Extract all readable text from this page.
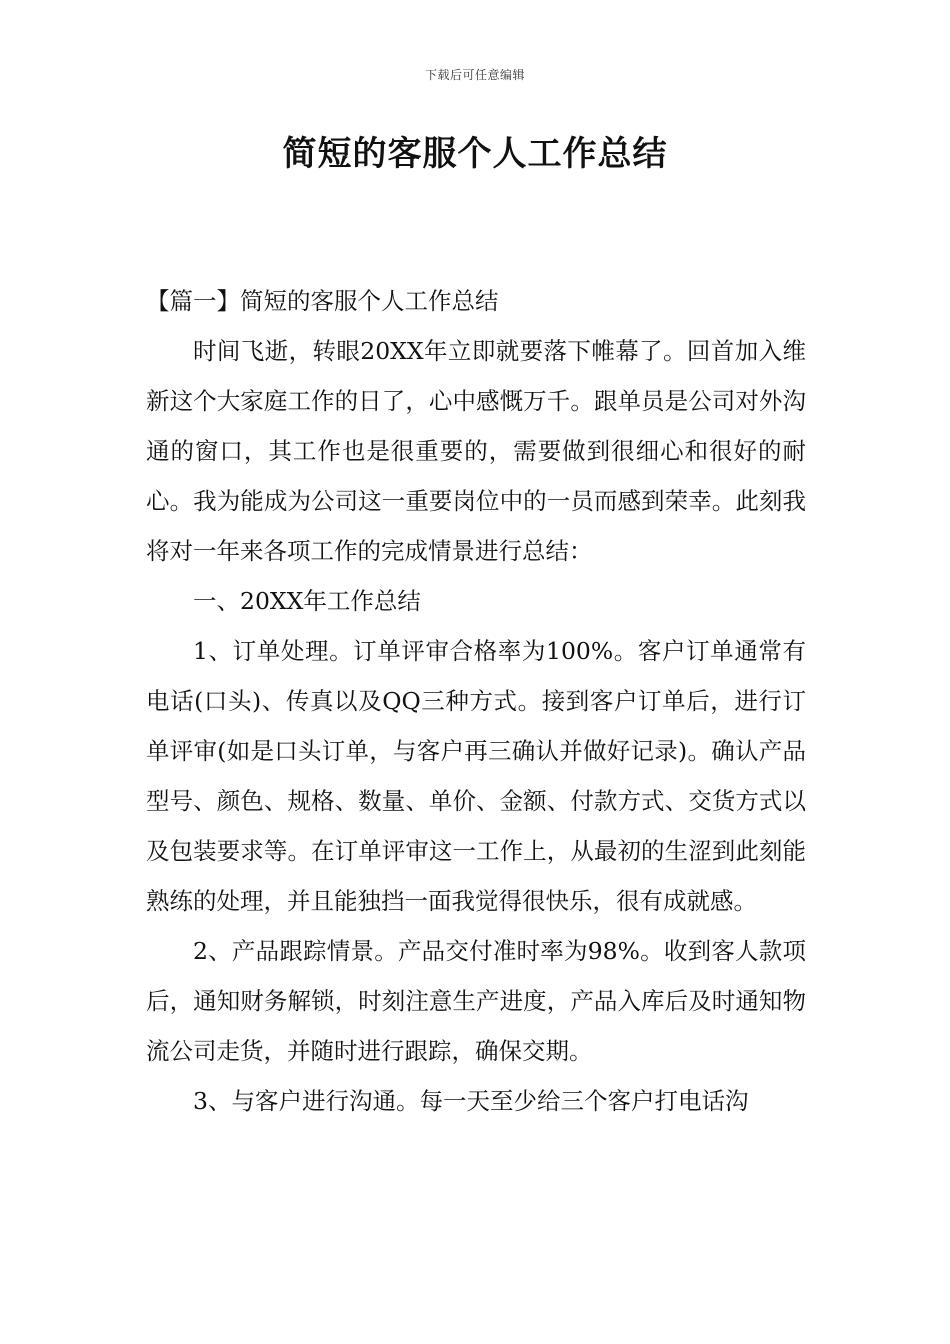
下载后可任意编辑
简短的客服个人工作总结

【篇一】简短的客服个人工作总结

时间飞逝，转眼20XX年立即就要落下帷幕了。回首加入维新这个大家庭工作的日了，心中感慨万千。跟单员是公司对外沟通的窗口，其工作也是很重要的，需要做到很细心和很好的耐心。我为能成为公司这一重要岗位中的一员而感到荣幸。此刻我将对一年来各项工作的完成情景进行总结：

一、20XX年工作总结

1、订单处理。订单评审合格率为100%。客户订单通常有电话(口头)、传真以及QQ三种方式。接到客户订单后，进行订单评审(如是口头订单，与客户再三确认并做好记录)。确认产品型号、颜色、规格、数量、单价、金额、付款方式、交货方式以及包装要求等。在订单评审这一工作上，从最初的生涩到此刻能熟练的处理，并且能独挡一面我觉得很快乐，很有成就感。

2、产品跟踪情景。产品交付准时率为98%。收到客人款项后，通知财务解锁，时刻注意生产进度，产品入库后及时通知物流公司走货，并随时进行跟踪，确保交期。

3、与客户进行沟通。每一天至少给三个客户打电话沟
